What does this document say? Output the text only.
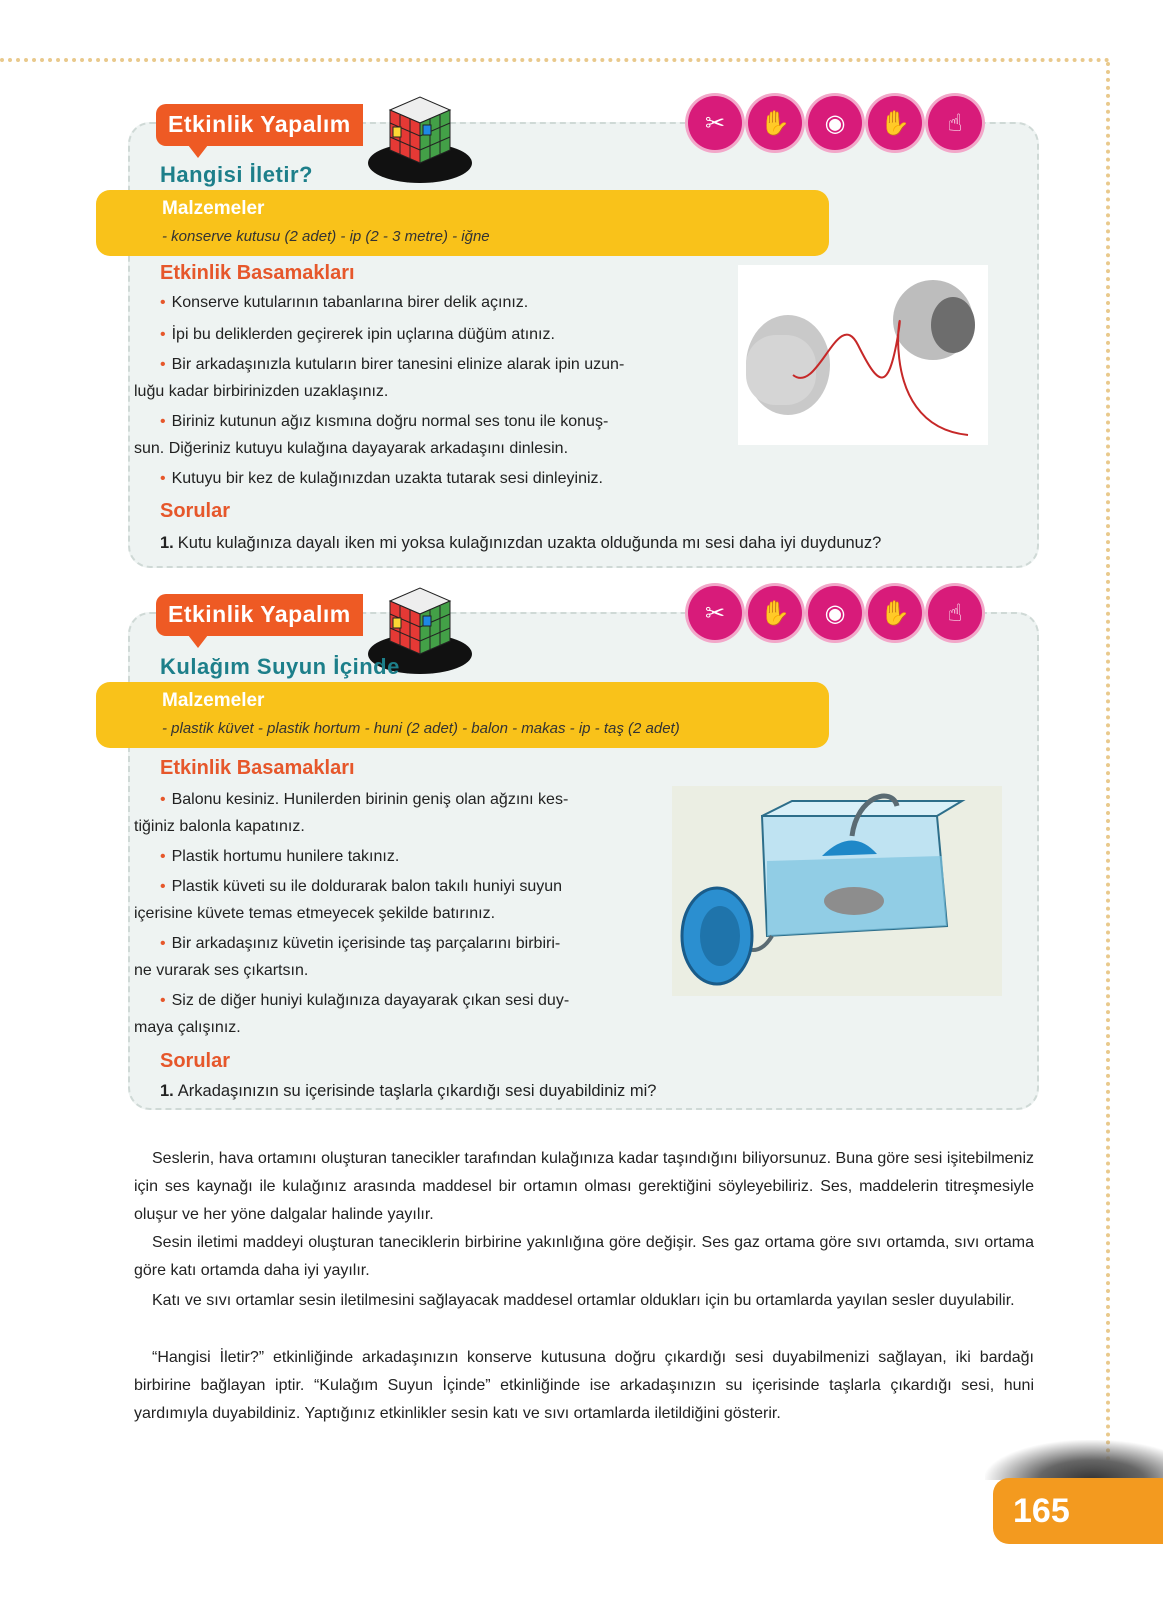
Etkinlik Yapalım	✂	✋	◉	✋	☝
Hangisi İletir?
Malzemeler
- konserve kutusu (2 adet) - ip (2 - 3 metre) - iğne
Etkinlik Basamakları
• Konserve kutularının tabanlarına birer delik açınız.
• İpi bu deliklerden geçirerek ipin uçlarına düğüm atınız.
• Bir arkadaşınızla kutuların birer tanesini elinize alarak ipin uzun-
luğu kadar birbirinizden uzaklaşınız.
• Biriniz kutunun ağız kısmına doğru normal ses tonu ile konuş-
sun. Diğeriniz kutuyu kulağına dayayarak arkadaşını dinlesin.
• Kutuyu bir kez de kulağınızdan uzakta tutarak sesi dinleyiniz.
Sorular
1. Kutu kulağınıza dayalı iken mi yoksa kulağınızdan uzakta olduğunda mı sesi daha iyi duydunuz?
Etkinlik Yapalım	✂	✋	◉	✋	☝
Kulağım Suyun İçinde
Malzemeler
- plastik küvet - plastik hortum - huni (2 adet) - balon - makas - ip - taş (2 adet)
Etkinlik Basamakları
• Balonu kesiniz. Hunilerden birinin geniş olan ağzını kes-
tiğiniz balonla kapatınız.
• Plastik hortumu hunilere takınız.
• Plastik küveti su ile doldurarak balon takılı huniyi suyun
içerisine küvete temas etmeyecek şekilde batırınız.
• Bir arkadaşınız küvetin içerisinde taş parçalarını birbiri-
ne vurarak ses çıkartsın.
• Siz de diğer huniyi kulağınıza dayayarak çıkan sesi duy-
maya çalışınız.
Sorular
1. Arkadaşınızın su içerisinde taşlarla çıkardığı sesi duyabildiniz mi?
Seslerin, hava ortamını oluşturan tanecikler tarafından kulağınıza kadar taşındığını biliyorsunuz. Buna göre sesi işitebilmeniz için ses kaynağı ile kulağınız arasında maddesel bir ortamın olması gerektiğini söyleyebiliriz. Ses, maddelerin titreşmesiyle oluşur ve her yöne dalgalar halinde yayılır.
Sesin iletimi maddeyi oluşturan taneciklerin birbirine yakınlığına göre değişir. Ses gaz ortama göre sıvı ortamda, sıvı ortama göre katı ortamda daha iyi yayılır.
Katı ve sıvı ortamlar sesin iletilmesini sağlayacak maddesel ortamlar oldukları için bu ortamlarda yayılan sesler duyulabilir.
“Hangisi İletir?” etkinliğinde arkadaşınızın konserve kutusuna doğru çıkardığı sesi duyabilmenizi sağlayan, iki bardağı birbirine bağlayan iptir. “Kulağım Suyun İçinde” etkinliğinde ise arkadaşınızın su içerisinde taşlarla çıkardığı sesi, huni yardımıyla duyabildiniz. Yaptığınız etkinlikler sesin katı ve sıvı ortamlarda iletildiğini gösterir.
165
